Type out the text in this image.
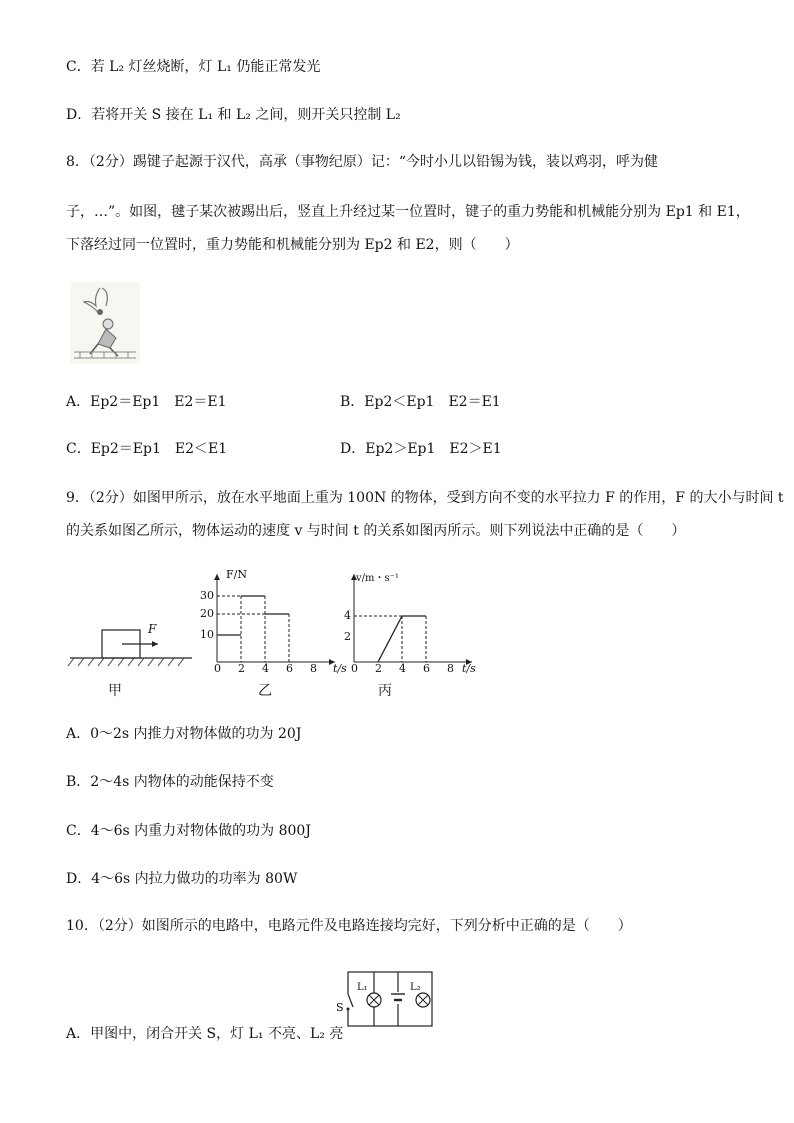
C．若 L₂ 灯丝烧断，灯 L₁ 仍能正常发光
D．若将开关 S 接在 L₁ 和 L₂ 之间，则开关只控制 L₂
8．（2分）踢键子起源于汉代，高承（事物纪原）记：“今时小儿以铅锡为钱，装以鸡羽，呼为健
子，…”。如图，毽子某次被踢出后，竖直上升经过某一位置时，键子的重力势能和机械能分别为 Ep1 和 E1，
下落经过同一位置时，重力势能和机械能分别为 Ep2 和 E2，则（　　）
A．Ep2＝Ep1　E2＝E1	B．Ep2＜Ep1　E2＝E1
C．Ep2＝Ep1　E2＜E1	D．Ep2＞Ep1　E2＞E1
9．（2分）如图甲所示，放在水平地面上重为 100N 的物体，受到方向不变的水平拉力 F 的作用，F 的大小与时间 t
的关系如图乙所示，物体运动的速度 v 与时间 t 的关系如图丙所示。则下列说法中正确的是（　　）
F
甲
F/N
t/s
10
20
30
0 2 4 6 8
乙
v/m・s⁻¹
t/s
2
4
0 2 4 6 8
丙
A．0～2s 内推力对物体做的功为 20J
B．2～4s 内物体的动能保持不变
C．4～6s 内重力对物体做的功为 800J
D．4～6s 内拉力做功的功率为 80W
10．（2分）如图所示的电路中，电路元件及电路连接均完好，下列分析中正确的是（　　）
S
L₁	L₂
A．甲图中，闭合开关 S，灯 L₁ 不亮、L₂ 亮
